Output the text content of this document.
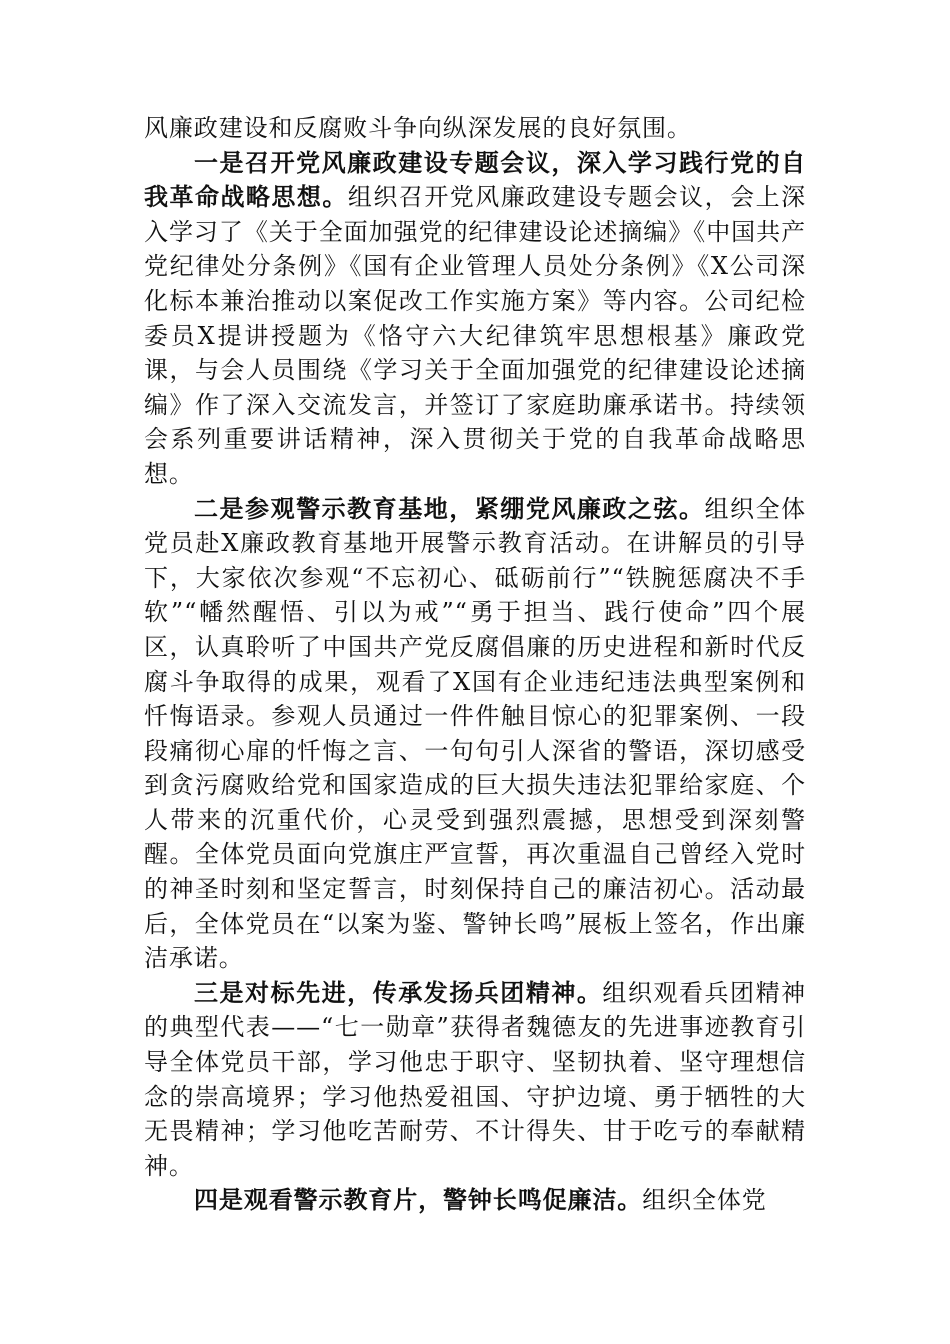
风廉政建设和反腐败斗争向纵深发展的良好氛围。

一是召开党风廉政建设专题会议，深入学习践行党的自我革命战略思想。组织召开党风廉政建设专题会议，会上深入学习了《关于全面加强党的纪律建设论述摘编》《中国共产党纪律处分条例》《国有企业管理人员处分条例》《X公司深化标本兼治推动以案促改工作实施方案》等内容。公司纪检委员X提讲授题为《恪守六大纪律筑牢思想根基》廉政党课，与会人员围绕《学习关于全面加强党的纪律建设论述摘编》作了深入交流发言，并签订了家庭助廉承诺书。持续领会系列重要讲话精神，深入贯彻关于党的自我革命战略思想。

二是参观警示教育基地，紧绷党风廉政之弦。组织全体党员赴X廉政教育基地开展警示教育活动。在讲解员的引导下，大家依次参观“不忘初心、砥砺前行”“铁腕惩腐决不手软”“幡然醒悟、引以为戒”“勇于担当、践行使命”四个展区，认真聆听了中国共产党反腐倡廉的历史进程和新时代反腐斗争取得的成果，观看了X国有企业违纪违法典型案例和忏悔语录。参观人员通过一件件触目惊心的犯罪案例、一段段痛彻心扉的忏悔之言、一句句引人深省的警语，深切感受到贪污腐败给党和国家造成的巨大损失违法犯罪给家庭、个人带来的沉重代价，心灵受到强烈震撼，思想受到深刻警醒。全体党员面向党旗庄严宣誓，再次重温自己曾经入党时的神圣时刻和坚定誓言，时刻保持自己的廉洁初心。活动最后，全体党员在“以案为鉴、警钟长鸣”展板上签名，作出廉洁承诺。

三是对标先进，传承发扬兵团精神。组织观看兵团精神的典型代表——“七一勋章”获得者魏德友的先进事迹教育引导全体党员干部，学习他忠于职守、坚韧执着、坚守理想信念的崇高境界；学习他热爱祖国、守护边境、勇于牺牲的大无畏精神；学习他吃苦耐劳、不计得失、甘于吃亏的奉献精神。

四是观看警示教育片，警钟长鸣促廉洁。组织全体党
